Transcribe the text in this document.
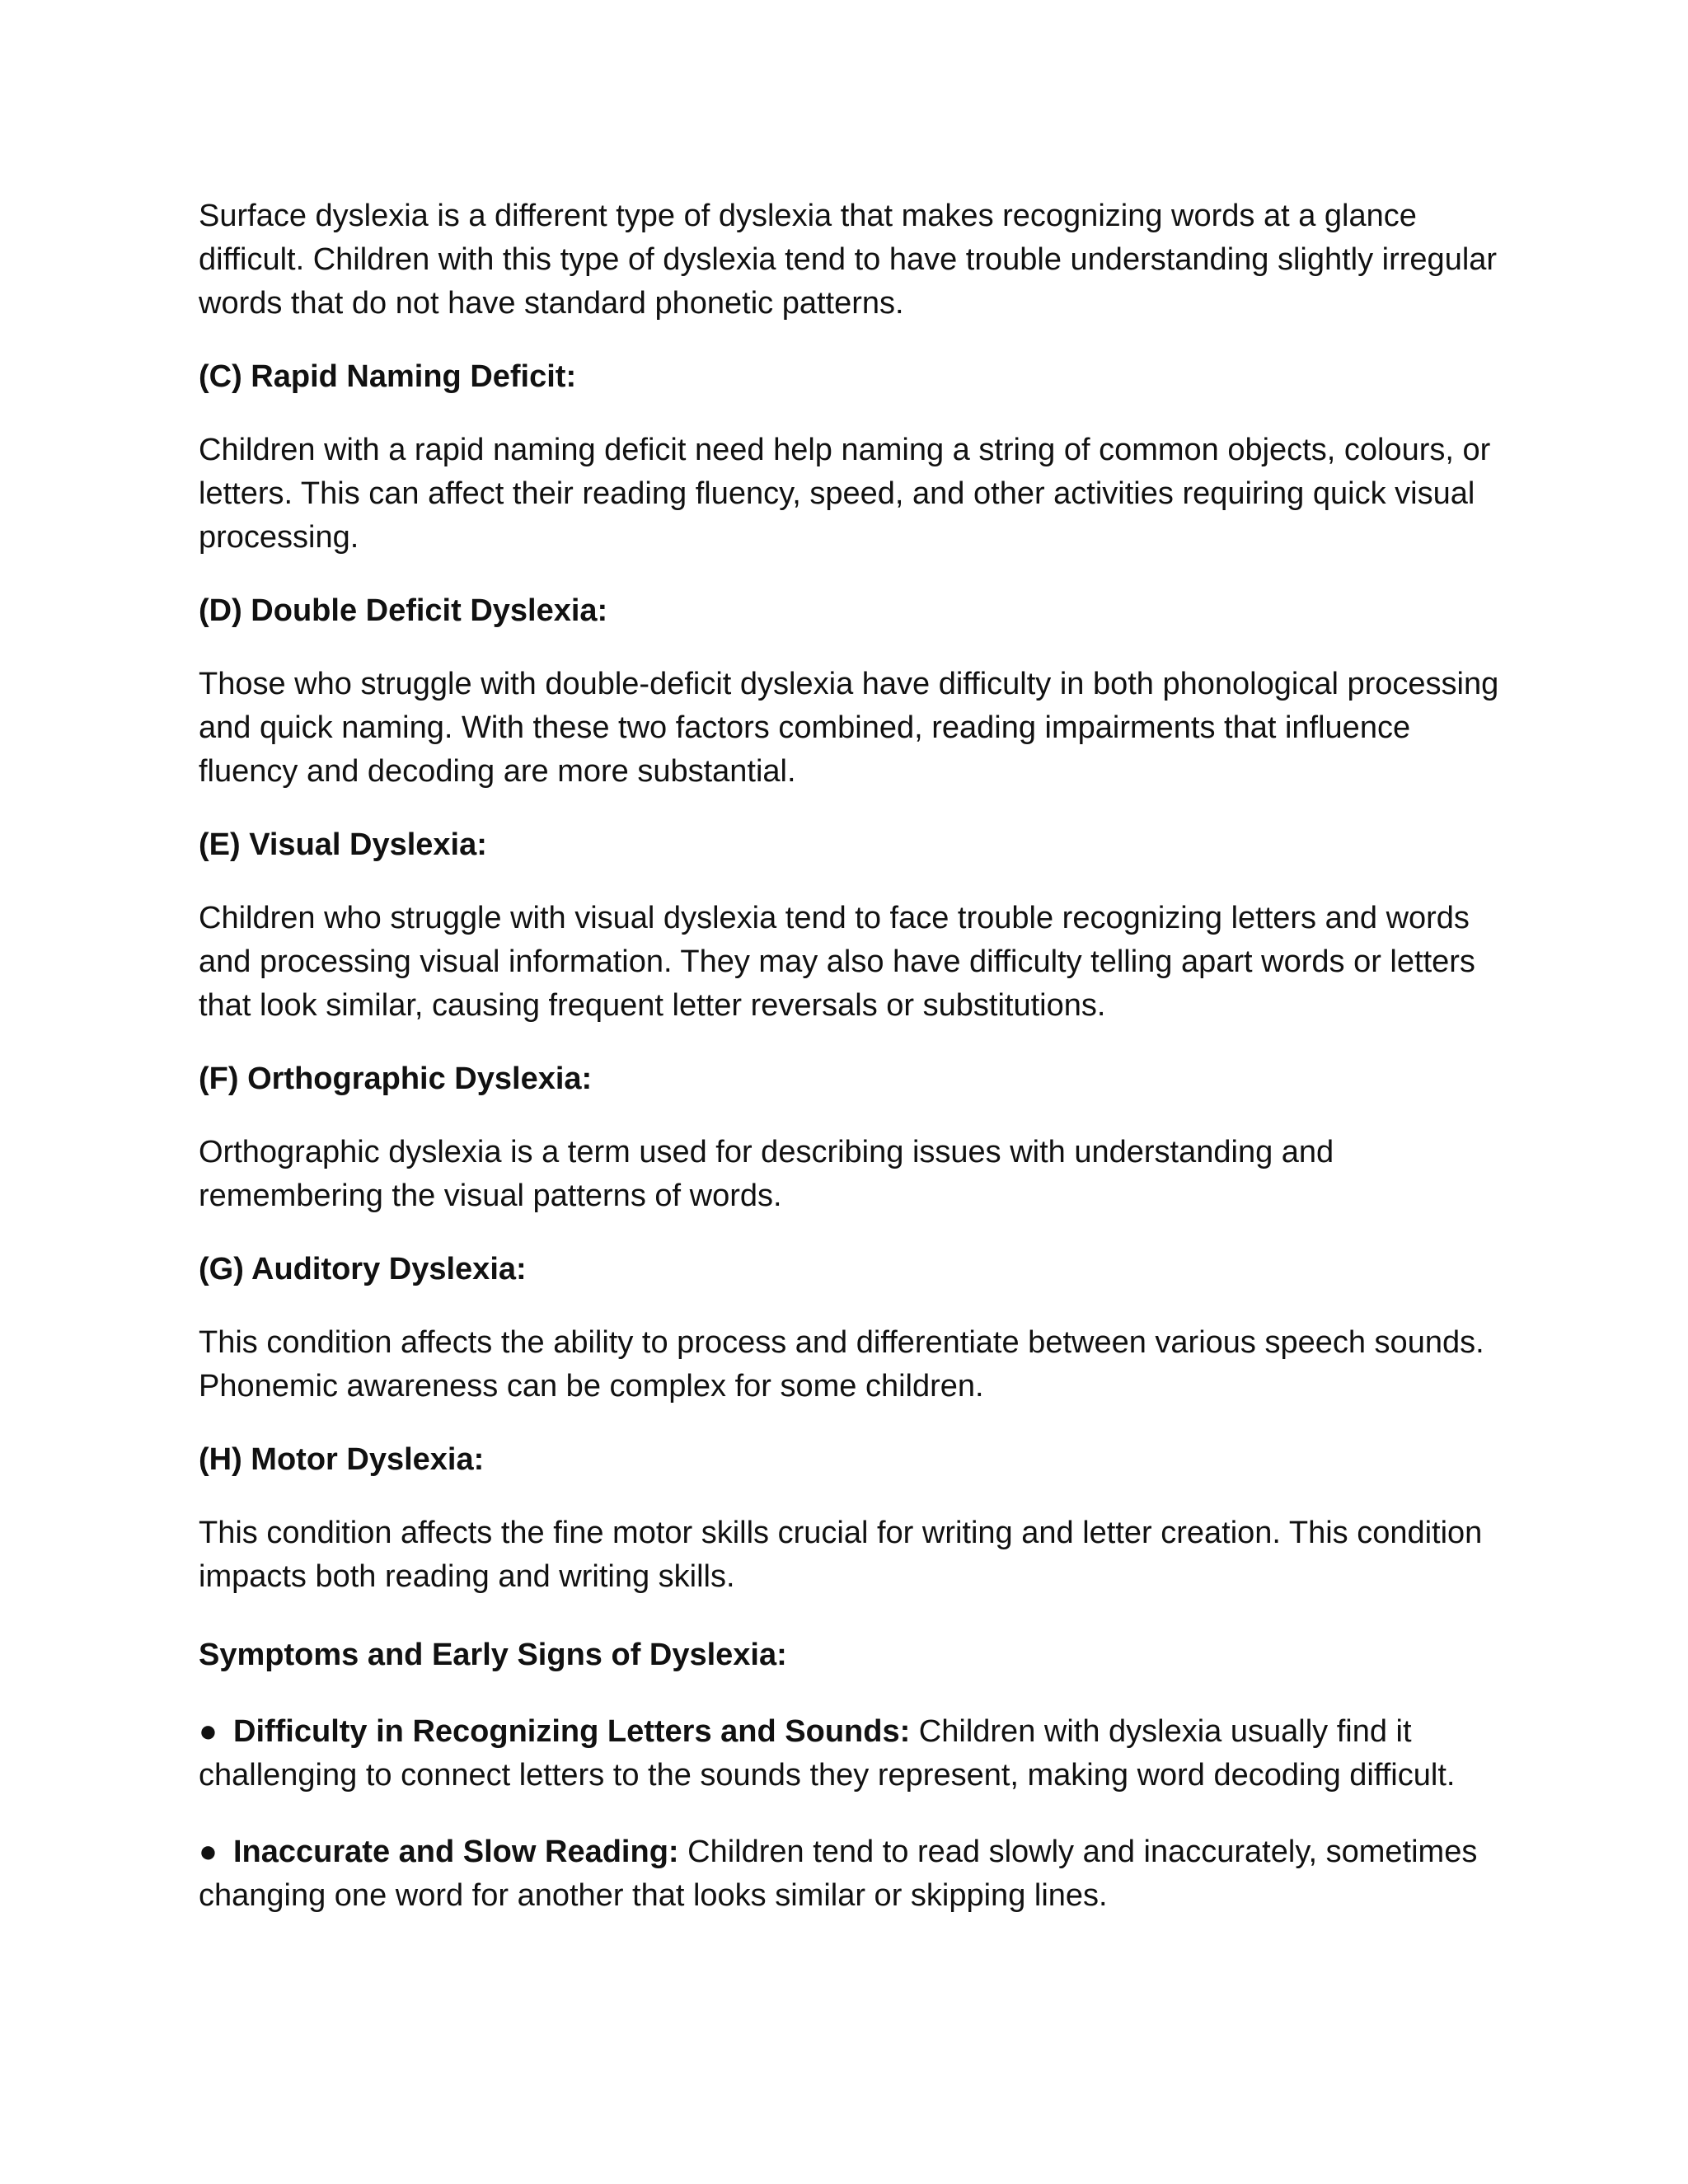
Surface dyslexia is a different type of dyslexia that makes recognizing words at a glance difficult. Children with this type of dyslexia tend to have trouble understanding slightly irregular words that do not have standard phonetic patterns.

(C) Rapid Naming Deficit:

Children with a rapid naming deficit need help naming a string of common objects, colours, or letters. This can affect their reading fluency, speed, and other activities requiring quick visual processing.

(D) Double Deficit Dyslexia:

Those who struggle with double-deficit dyslexia have difficulty in both phonological processing and quick naming. With these two factors combined, reading impairments that influence fluency and decoding are more substantial.

(E) Visual Dyslexia:

Children who struggle with visual dyslexia tend to face trouble recognizing letters and words and processing visual information. They may also have difficulty telling apart words or letters that look similar, causing frequent letter reversals or substitutions.

(F) Orthographic Dyslexia:

Orthographic dyslexia is a term used for describing issues with understanding and remembering the visual patterns of words.

(G) Auditory Dyslexia:

This condition affects the ability to process and differentiate between various speech sounds. Phonemic awareness can be complex for some children.

(H) Motor Dyslexia:

This condition affects the fine motor skills crucial for writing and letter creation. This condition impacts both reading and writing skills.

Symptoms and Early Signs of Dyslexia:

● Difficulty in Recognizing Letters and Sounds: Children with dyslexia usually find it challenging to connect letters to the sounds they represent, making word decoding difficult.

● Inaccurate and Slow Reading: Children tend to read slowly and inaccurately, sometimes changing one word for another that looks similar or skipping lines.
